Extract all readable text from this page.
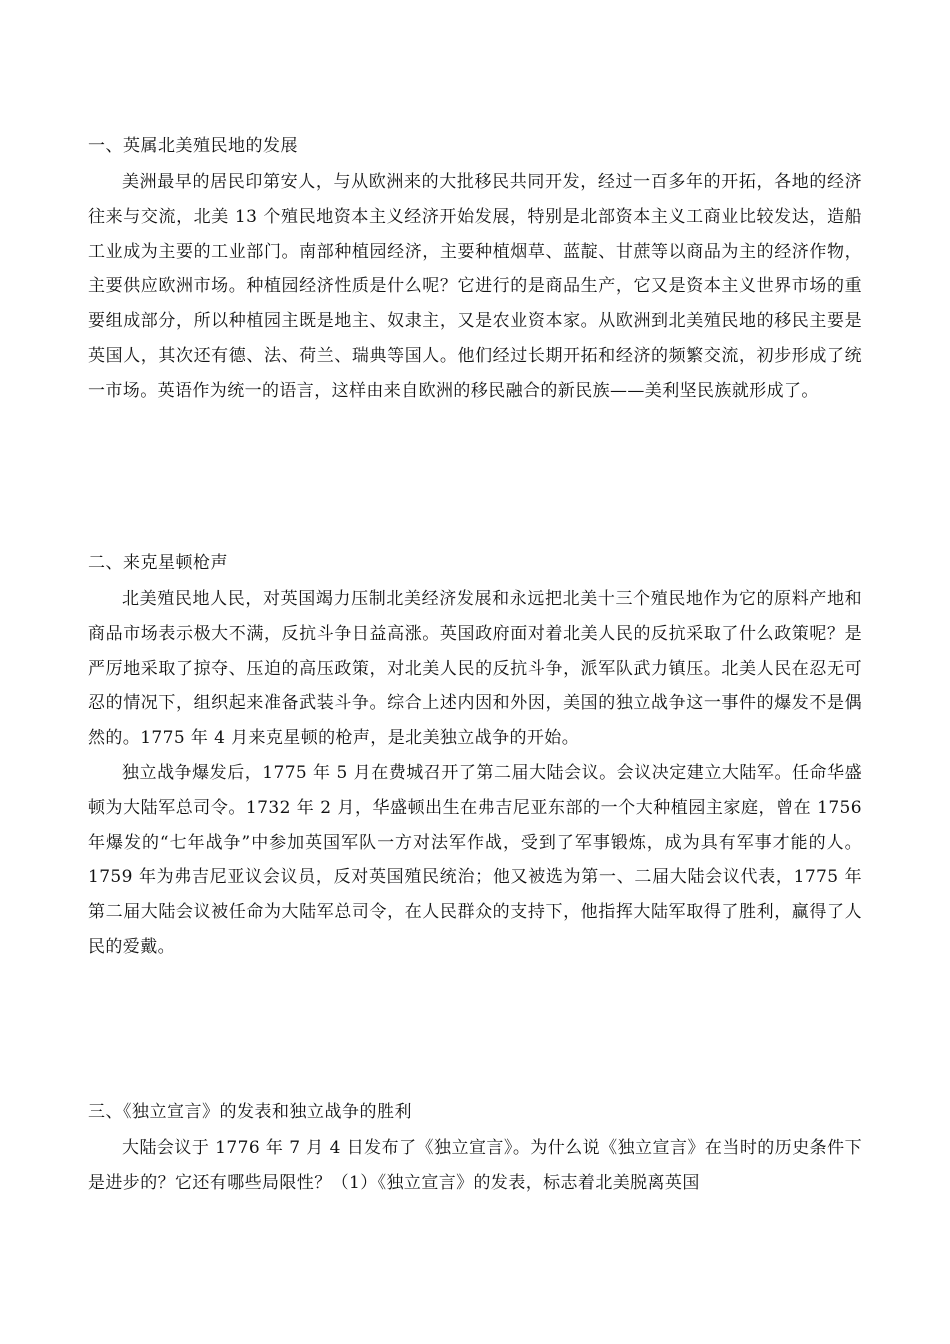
一、英属北美殖民地的发展

美洲最早的居民印第安人，与从欧洲来的大批移民共同开发，经过一百多年的开拓，各地的经济往来与交流，北美 13 个殖民地资本主义经济开始发展，特别是北部资本主义工商业比较发达，造船工业成为主要的工业部门。南部种植园经济，主要种植烟草、蓝靛、甘蔗等以商品为主的经济作物，主要供应欧洲市场。种植园经济性质是什么呢？它进行的是商品生产，它又是资本主义世界市场的重要组成部分，所以种植园主既是地主、奴隶主，又是农业资本家。从欧洲到北美殖民地的移民主要是英国人，其次还有德、法、荷兰、瑞典等国人。他们经过长期开拓和经济的频繁交流，初步形成了统一市场。英语作为统一的语言，这样由来自欧洲的移民融合的新民族——美利坚民族就形成了。

二、来克星顿枪声

北美殖民地人民，对英国竭力压制北美经济发展和永远把北美十三个殖民地作为它的原料产地和商品市场表示极大不满，反抗斗争日益高涨。英国政府面对着北美人民的反抗采取了什么政策呢？是严厉地采取了掠夺、压迫的高压政策，对北美人民的反抗斗争，派军队武力镇压。北美人民在忍无可忍的情况下，组织起来准备武装斗争。综合上述内因和外因，美国的独立战争这一事件的爆发不是偶然的。1775 年 4 月来克星顿的枪声，是北美独立战争的开始。

独立战争爆发后，1775 年 5 月在费城召开了第二届大陆会议。会议决定建立大陆军。任命华盛顿为大陆军总司令。1732 年 2 月，华盛顿出生在弗吉尼亚东部的一个大种植园主家庭，曾在 1756 年爆发的“七年战争”中参加英国军队一方对法军作战，受到了军事锻炼，成为具有军事才能的人。1759 年为弗吉尼亚议会议员，反对英国殖民统治；他又被选为第一、二届大陆会议代表，1775 年第二届大陆会议被任命为大陆军总司令，在人民群众的支持下，他指挥大陆军取得了胜利，赢得了人民的爱戴。

三、《独立宣言》的发表和独立战争的胜利

大陆会议于 1776 年 7 月 4 日发布了《独立宣言》。为什么说《独立宣言》在当时的历史条件下是进步的？它还有哪些局限性？（1）《独立宣言》的发表，标志着北美脱离英国
